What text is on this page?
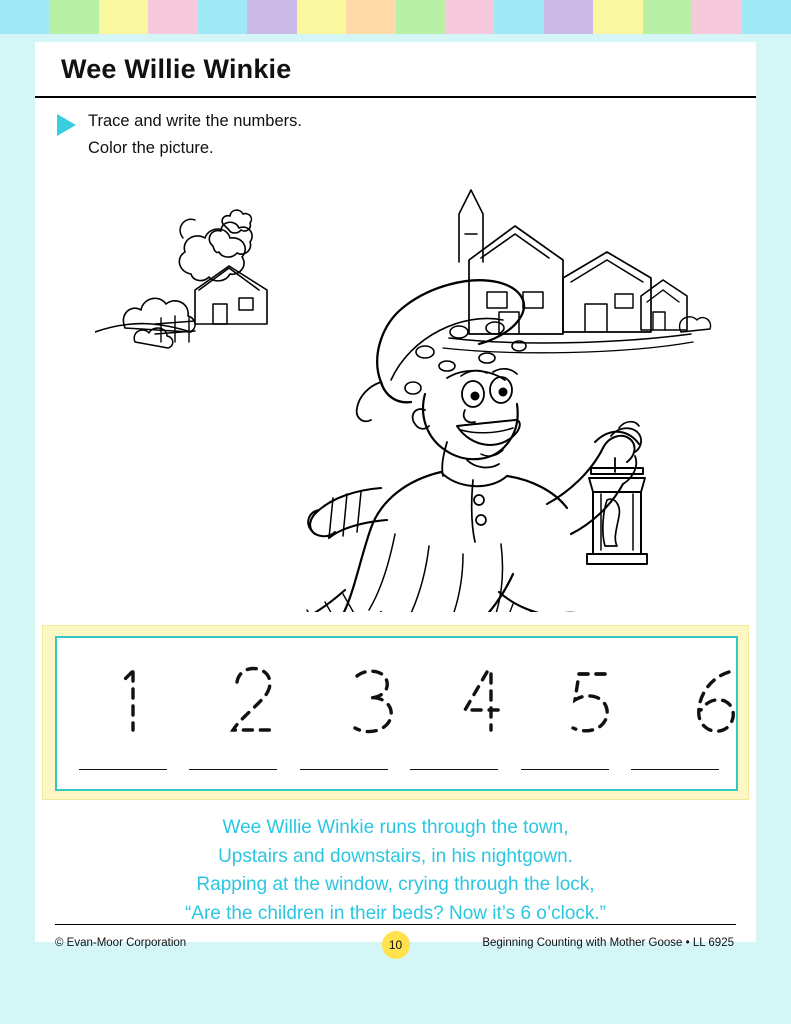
Wee Willie Winkie
Trace and write the numbers.
Color the picture.
Wee Willie Winkie runs through the town,
Upstairs and downstairs, in his nightgown.
Rapping at the window, crying through the lock,
“Are the children in their beds? Now it’s 6 o’clock.”
© Evan-Moor Corporation	10	Beginning Counting with Mother Goose • LL 6925
